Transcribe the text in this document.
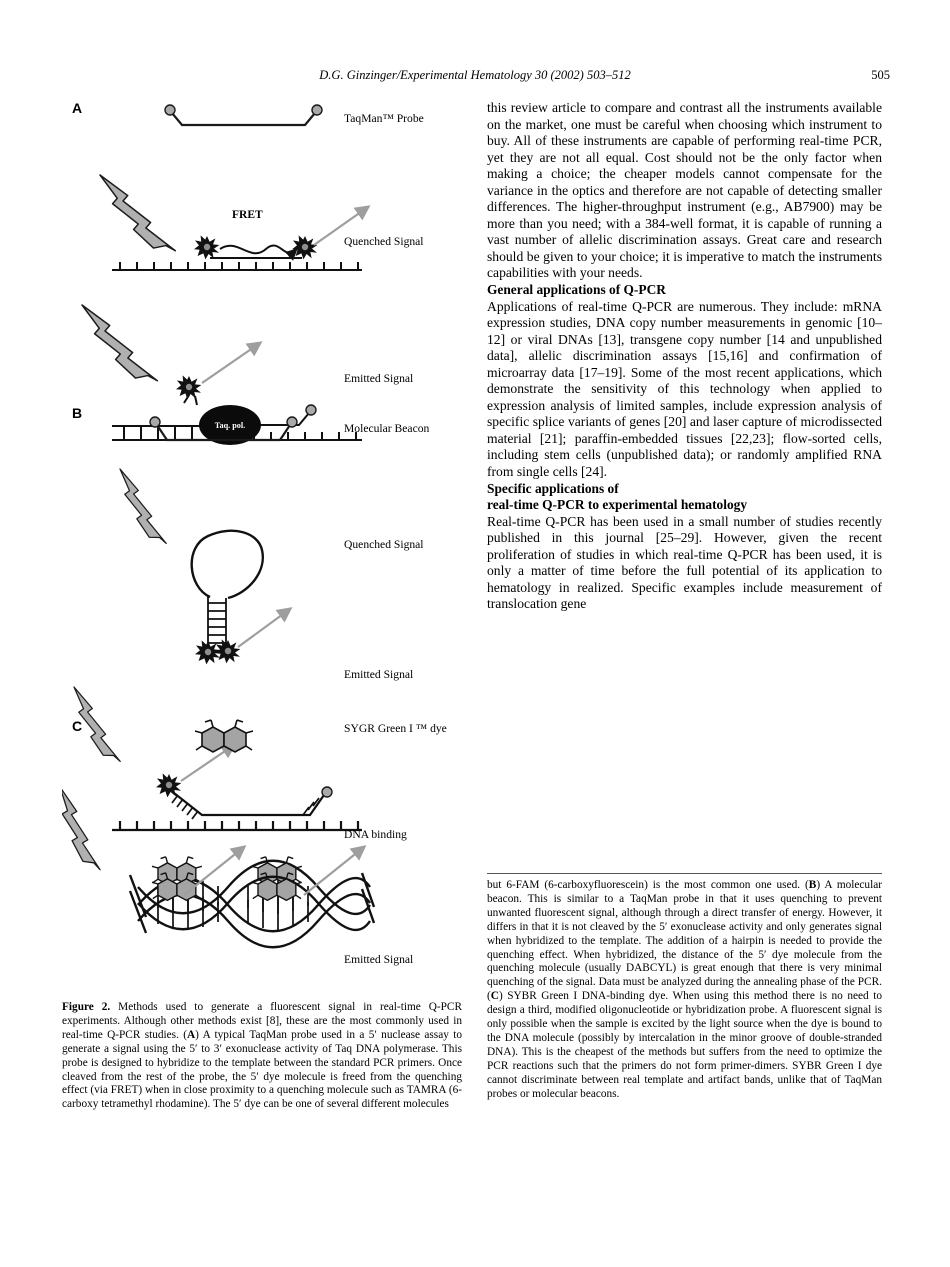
D.G. Ginzinger/Experimental Hematology 30 (2002) 503–512	505
A
FRET
Taq. pol.
B
C
TaqMan™ Probe
Quenched Signal
Emitted Signal
Molecular Beacon
Quenched Signal
Emitted Signal
SYGR Green I ™ dye
DNA binding
Emitted Signal

this review article to compare and contrast all the instruments available on the market, one must be careful when choosing which instrument to buy. All of these instruments are capable of performing real-time PCR, yet they are not all equal. Cost should not be the only factor when making a choice; the cheaper models cannot compensate for the variance in the optics and therefore are not capable of detecting smaller differences. The higher-throughput instrument (e.g., AB7900) may be more than you need; with a 384-well format, it is capable of running a vast number of allelic discrimination assays. Great care and research should be given to your choice; it is imperative to match the instruments capabilities with your needs.

General applications of Q-PCR

Applications of real-time Q-PCR are numerous. They include: mRNA expression studies, DNA copy number measurements in genomic [10–12] or viral DNAs [13], transgene copy number [14 and unpublished data], allelic discrimination assays [15,16] and confirmation of microarray data [17–19]. Some of the most recent applications, which demonstrate the sensitivity of this technology when applied to expression analysis of limited samples, include expression analysis of specific splice variants of genes [20] and laser capture of microdissected material [21]; paraffin-embedded tissues [22,23]; flow-sorted cells, including stem cells (unpublished data); or randomly amplified RNA from single cells [24].

Specific applications of
real-time Q-PCR to experimental hematology

Real-time Q-PCR has been used in a small number of studies recently published in this journal [25–29]. However, given the recent proliferation of studies in which real-time Q-PCR has been used, it is only a matter of time before the full potential of its application to hematology in realized. Specific examples include measurement of translocation gene

but 6-FAM (6-carboxyfluorescein) is the most common one used. (B) A molecular beacon. This is similar to a TaqMan probe in that it uses quenching to prevent unwanted fluorescent signal, although through a direct transfer of energy. However, it differs in that it is not cleaved by the 5′ exonuclease activity and only generates signal when hybridized to the template. The addition of a hairpin is needed to provide the quenching effect. When hybridized, the distance of the 5′ dye molecule from the quenching molecule (usually DABCYL) is great enough that there is very minimal quenching of the signal. Data must be analyzed during the annealing phase of the PCR. (C) SYBR Green I DNA-binding dye. When using this method there is no need to design a third, modified oligonucleotide or hybridization probe. A fluorescent signal is only possible when the sample is excited by the light source when the dye is bound to the DNA molecule (possibly by intercalation in the minor groove of double-stranded DNA). This is the cheapest of the methods but suffers from the need to optimize the PCR reactions such that the primers do not form primer-dimers. SYBR Green I dye cannot discriminate between real template and artifact bands, unlike that of TaqMan probes or molecular beacons.
Figure 2. Methods used to generate a fluorescent signal in real-time Q-PCR experiments. Although other methods exist [8], these are the most commonly used in real-time Q-PCR studies. (A) A typical TaqMan probe used in a 5′ nuclease assay to generate a signal using the 5′ to 3′ exonuclease activity of Taq DNA polymerase. This probe is designed to hybridize to the template between the standard PCR primers. Once cleaved from the rest of the probe, the 5′ dye molecule is freed from the quenching effect (via FRET) when in close proximity to a quenching molecule such as TAMRA (6-carboxy tetramethyl rhodamine). The 5′ dye can be one of several different molecules
